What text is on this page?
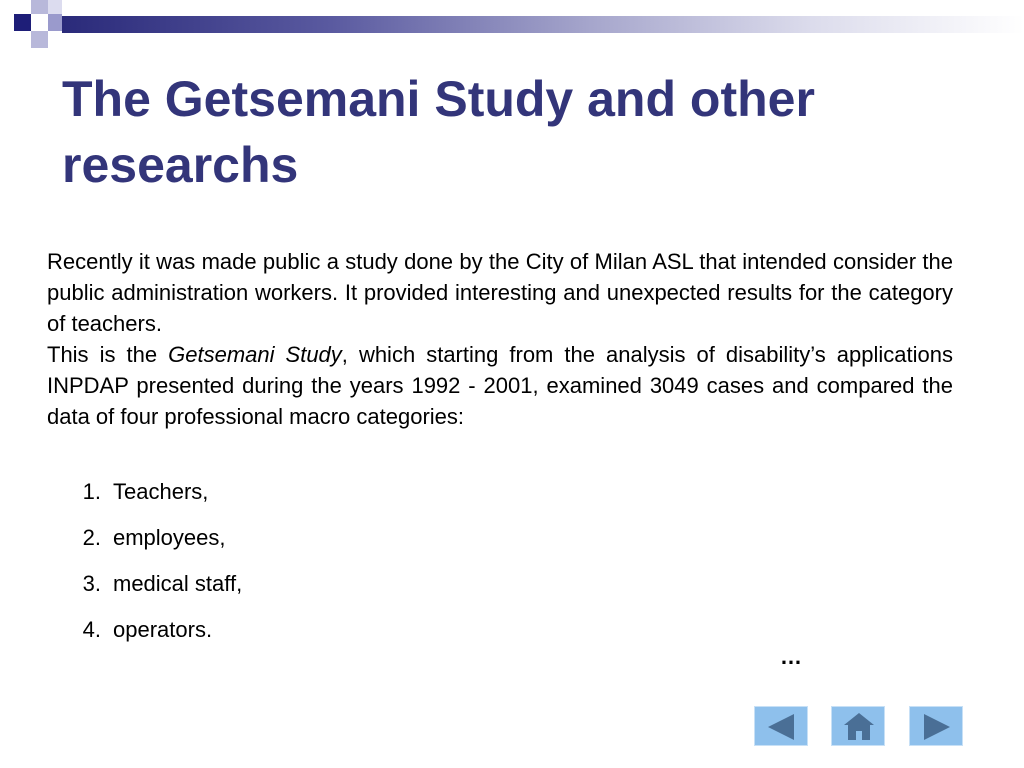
The Getsemani Study and other researchs

Recently it was made public a study done by the City of Milan ASL that intended consider the public administration workers. It provided interesting and unexpected results for the category of teachers.

This is the Getsemani Study, which starting from the analysis of disability’s applications INPDAP presented during the years 1992 - 2001, examined 3049 cases and compared the data of four professional macro categories:

1. Teachers,
2. employees,
3. medical staff,
4. operators.
…
